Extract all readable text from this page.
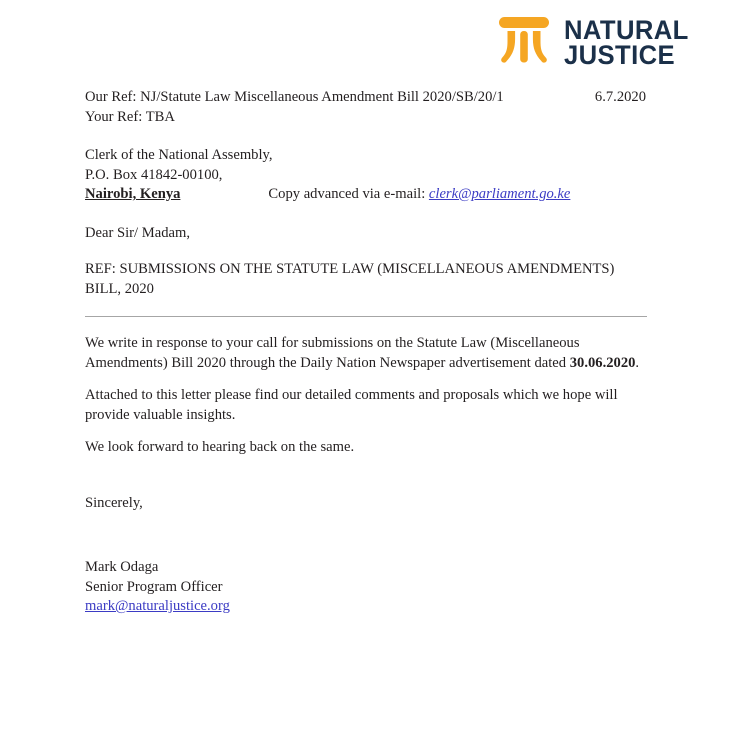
NATURAL
JUSTICE
Our Ref: NJ/Statute Law Miscellaneous Amendment Bill 2020/SB/20/1
Your Ref: TBA
6.7.2020
Clerk of the National Assembly,
P.O. Box 41842-00100,
Nairobi, Kenya	Copy advanced via e-mail: clerk@parliament.go.ke
Dear Sir/ Madam,
REF: SUBMISSIONS ON THE STATUTE LAW (MISCELLANEOUS AMENDMENTS)
BILL, 2020

We write in response to your call for submissions on the Statute Law (Miscellaneous Amendments) Bill 2020 through the Daily Nation Newspaper advertisement dated 30.06.2020.

Attached to this letter please find our detailed comments and proposals which we hope will provide valuable insights.

We look forward to hearing back on the same.

Sincerely,
Mark Odaga
Senior Program Officer
mark@naturaljustice.org
